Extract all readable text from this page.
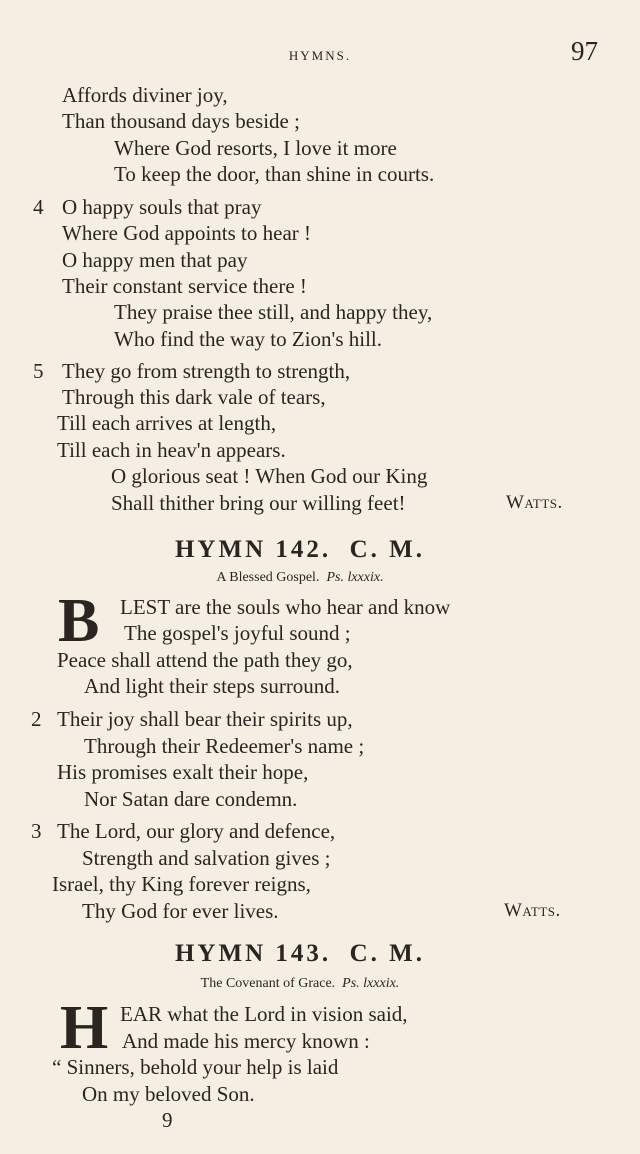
HYMNS.	97
Affords diviner joy,
Than thousand days beside ;
Where God resorts, I love it more
To keep the door, than shine in courts.
4 O happy souls that pray
Where God appoints to hear !
O happy men that pay
Their constant service there !
They praise thee still, and happy they,
Who find the way to Zion's hill.
5 They go from strength to strength,
Through this dark vale of tears,
Till each arrives at length,
Till each in heav'n appears.
O glorious seat ! When God our King
Shall thither bring our willing feet!	Watts.
HYMN 142. C. M.
A Blessed Gospel. Ps. lxxxix.
B LEST are the souls who hear and know
The gospel's joyful sound ;
Peace shall attend the path they go,
And light their steps surround.
2 Their joy shall bear their spirits up,
Through their Redeemer's name ;
His promises exalt their hope,
Nor Satan dare condemn.
3 The Lord, our glory and defence,
Strength and salvation gives ;
Israel, thy King forever reigns,
Thy God for ever lives.	Watts.
HYMN 143. C. M.
The Covenant of Grace. Ps. lxxxix.
H EAR what the Lord in vision said,
And made his mercy known :
“ Sinners, behold your help is laid
On my beloved Son.
9
